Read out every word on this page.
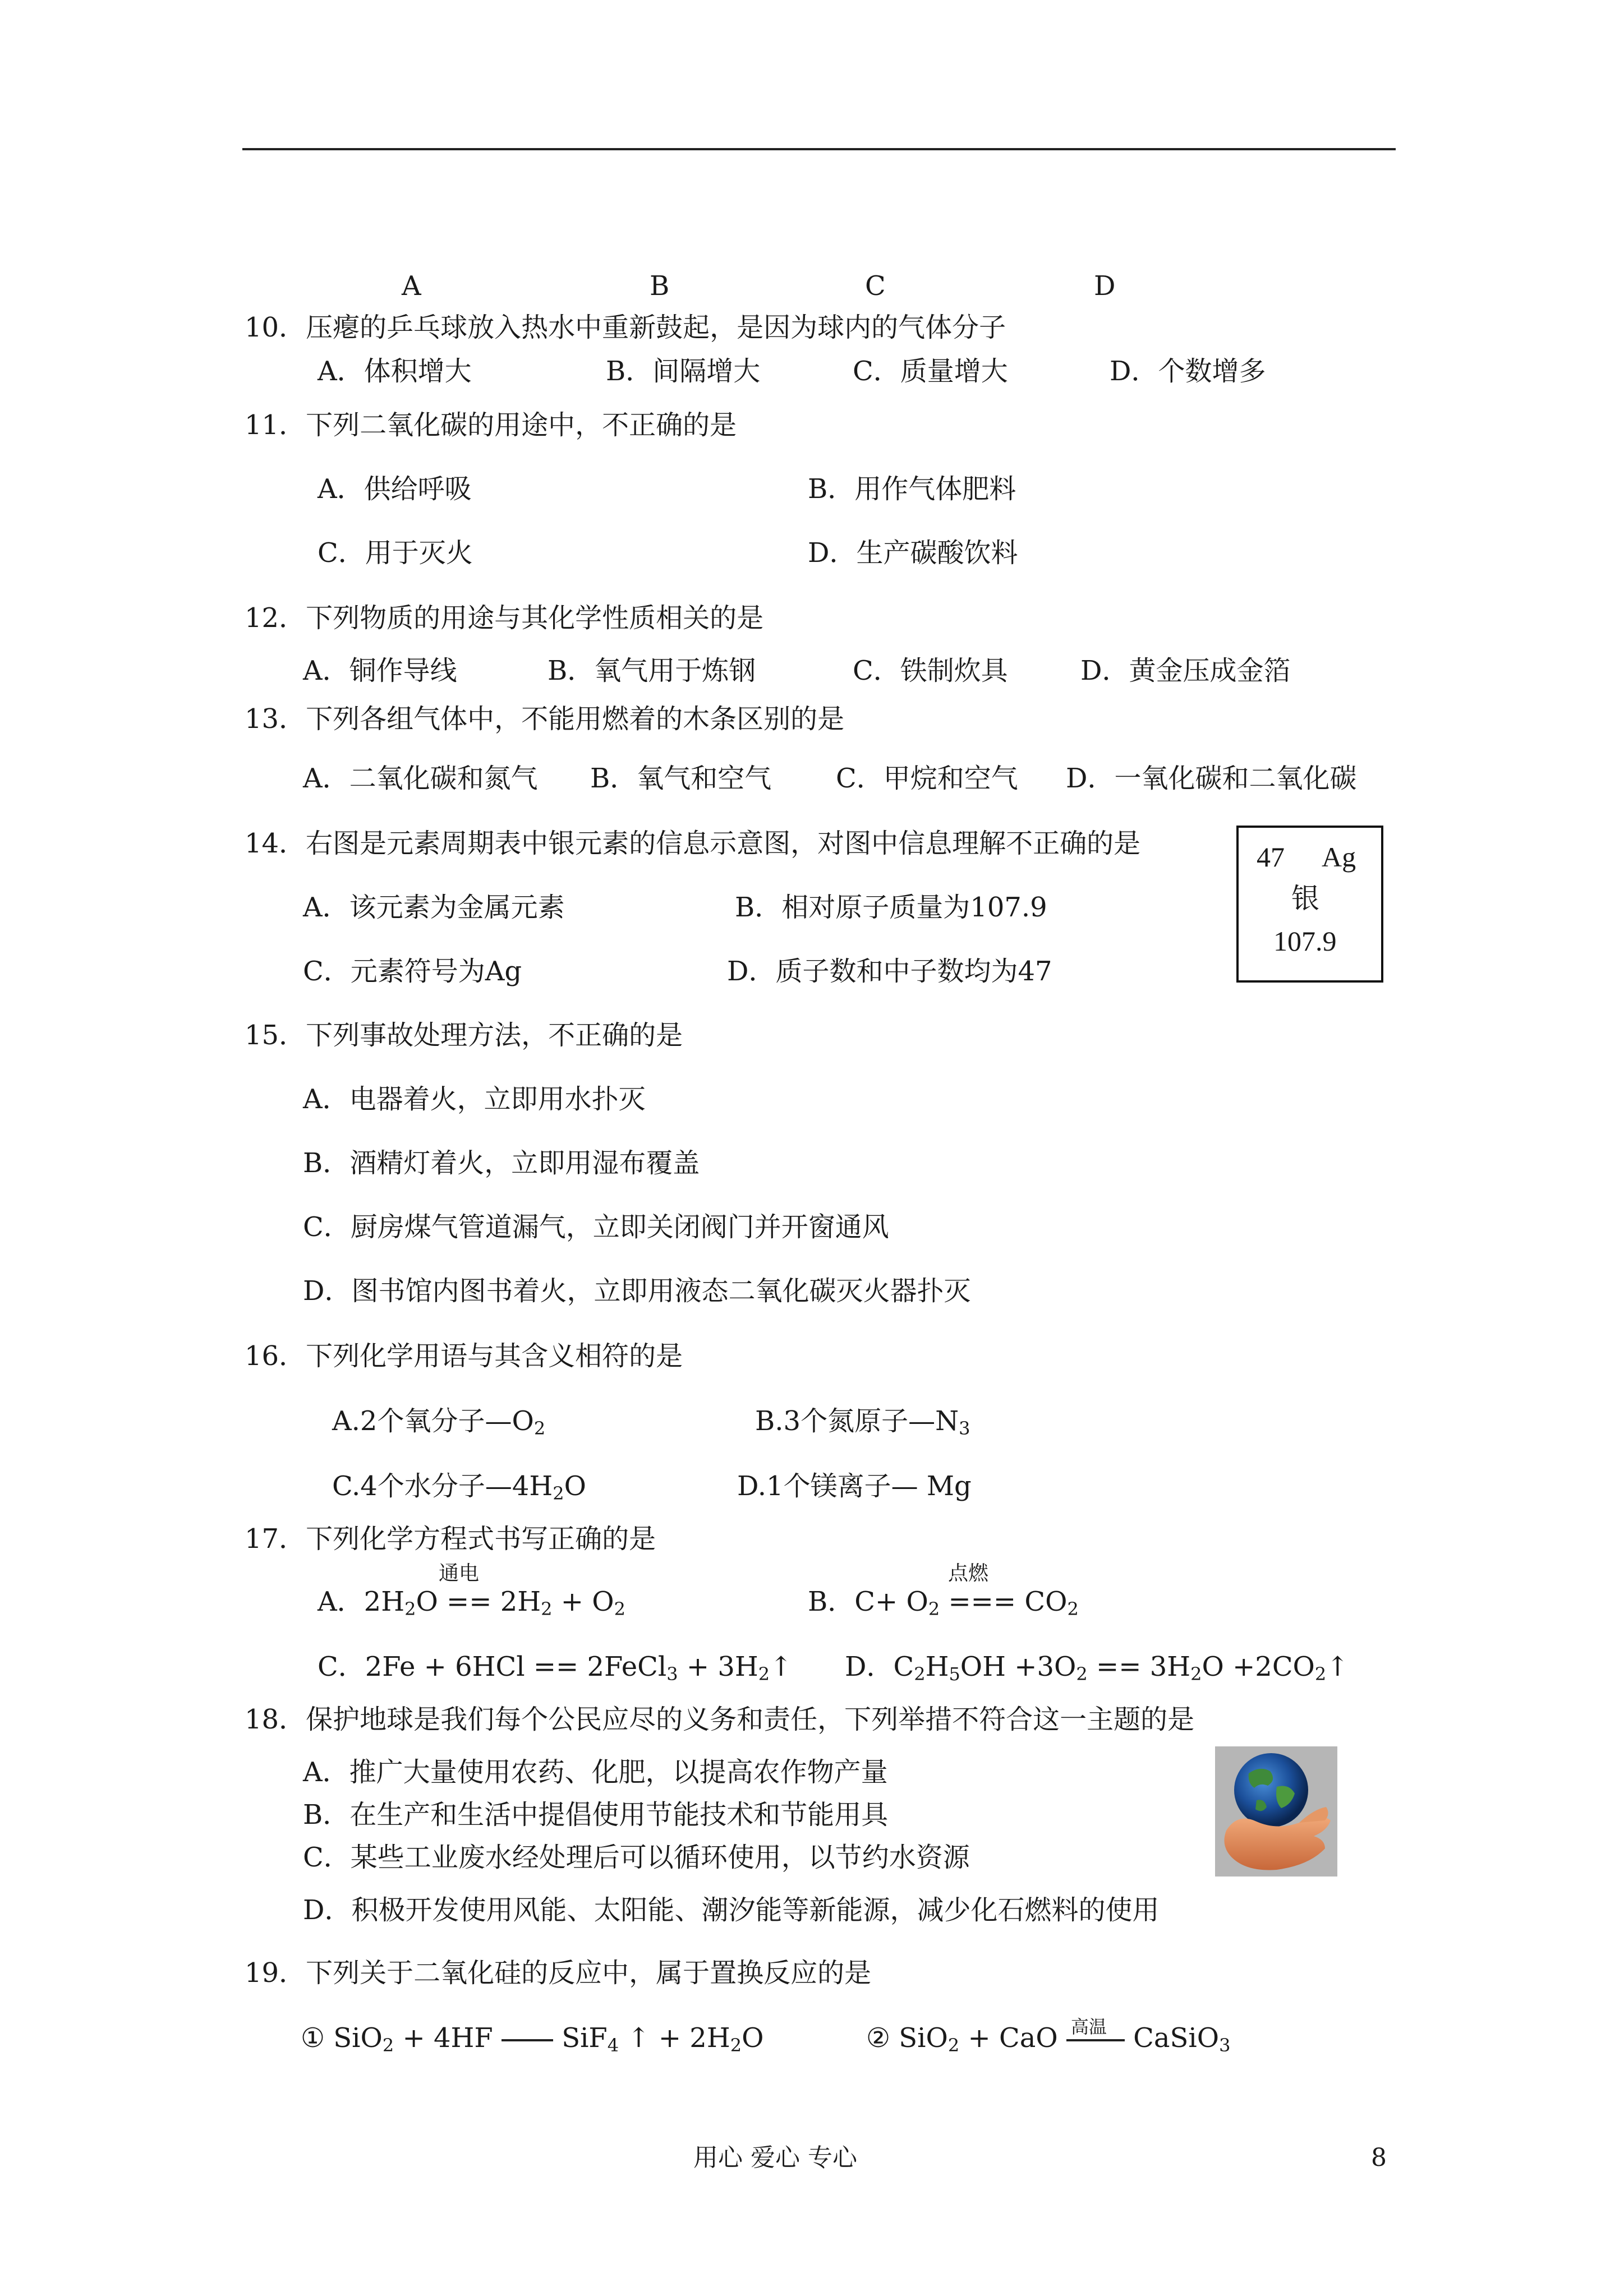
A	B	C	D
10．压瘪的乒乓球放入热水中重新鼓起，是因为球内的气体分子
A．体积增大	B．间隔增大	C．质量增大	D．个数增多
11．下列二氧化碳的用途中，不正确的是
A．供给呼吸	B．用作气体肥料
C．用于灭火	D．生产碳酸饮料
12．下列物质的用途与其化学性质相关的是
A．铜作导线	B．氧气用于炼钢	C．铁制炊具	D．黄金压成金箔
13．下列各组气体中，不能用燃着的木条区别的是
A．二氧化碳和氮气 B．氧气和空气 C．甲烷和空气 D．一氧化碳和二氧化碳
14．右图是元素周期表中银元素的信息示意图，对图中信息理解不正确的是
A．该元素为金属元素	B．相对原子质量为107.9
C．元素符号为Ag	D．质子数和中子数均为47
47 Ag
银
107.9
15．下列事故处理方法，不正确的是
A．电器着火，立即用水扑灭
B．酒精灯着火，立即用湿布覆盖
C．厨房煤气管道漏气，立即关闭阀门并开窗通风
D．图书馆内图书着火，立即用液态二氧化碳灭火器扑灭
16．下列化学用语与其含义相符的是
A.2个氧分子$—O_2$	B.3个氮原子$—N_3$
C.4个水分子$—4H_2O$	D.1个镁离子— Mg
17．下列化学方程式书写正确的是
通电	点燃
A．$2H_2O == 2H_2 + O_2$	B．$C+ O_2$ === $CO_2$
C．2Fe + 6HCl == 2FeCl$_3$ + $3H_2↑$ D．$C_2H_5OH +3O_2 == 3H_2O$ $+2CO_2↑$
18．保护地球是我们每个公民应尽的义务和责任，下列举措不符合这一主题的是
A．推广大量使用农药、化肥，以提高农作物产量
B．在生产和生活中提倡使用节能技术和节能用具
C．某些工业废水经处理后可以循环使用，以节约水资源
D．积极开发使用风能、太阳能、潮汐能等新能源，减少化石燃料的使用
19．下列关于二氧化硅的反应中，属于置换反应的是
① SiO$_2$ + 4HF  SiF$_4$ ↑ + $2H_2O$	② SiO$_2$ + CaO 高温 CaSiO$_3$
用心 爱心 专心	8
